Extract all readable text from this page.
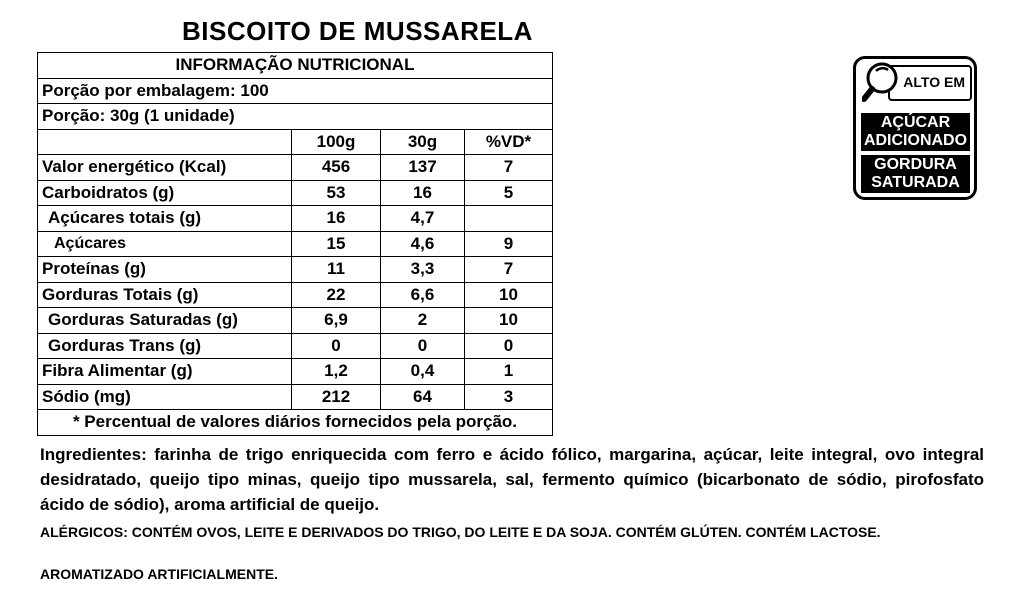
BISCOITO DE MUSSARELA
INFORMAÇÃO NUTRICIONAL			
Porção por embalagem: 100			
Porção: 30g (1 unidade)			
	100g	30g	%VD*
Valor energético (Kcal)	456	137	7
Carboidratos (g)	53	16	5
Açúcares totais (g)	16	4,7	
Açúcares	15	4,6	9
Proteínas (g)	11	3,3	7
Gorduras Totais (g)	22	6,6	10
Gorduras Saturadas (g)	6,9	2	10
Gorduras Trans (g)	0	0	0
Fibra Alimentar (g)	1,2	0,4	1
Sódio (mg)	212	64	3
* Percentual de valores diários fornecidos pela porção.			
Ingredientes: farinha de trigo enriquecida com ferro e ácido fólico, margarina, açúcar, leite integral, ovo integral desidratado, queijo tipo minas, queijo tipo mussarela, sal, fermento químico (bicarbonato de sódio, pirofosfato ácido de sódio), aroma artificial de queijo.
ALÉRGICOS: CONTÉM OVOS, LEITE E DERIVADOS DO TRIGO, DO LEITE E DA SOJA. CONTÉM GLÚTEN. CONTÉM LACTOSE.
AROMATIZADO ARTIFICIALMENTE.
ALTO EM
AÇÚCAR
ADICIONADO
GORDURA
SATURADA
